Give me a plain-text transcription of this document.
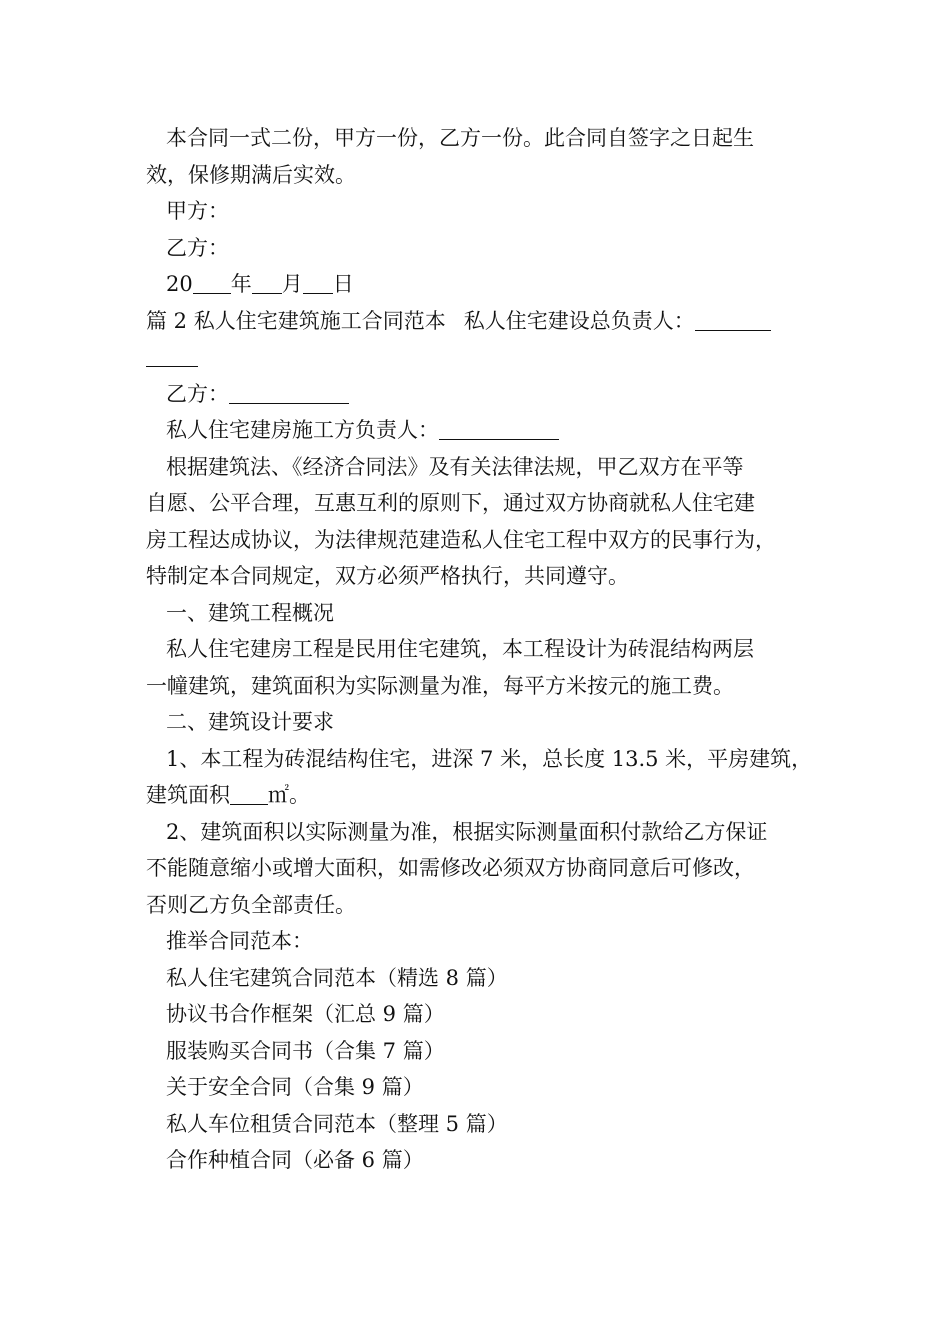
本合同一式二份，甲方一份，乙方一份。此合同自签字之日起生
效，保修期满后实效。
甲方：
乙方：
20 年 月 日
篇 2 私人住宅建筑施工合同范本 私人住宅建设总负责人：
乙方：
私人住宅建房施工方负责人：
根据建筑法、《经济合同法》及有关法律法规，甲乙双方在平等
自愿、公平合理，互惠互利的原则下，通过双方协商就私人住宅建
房工程达成协议，为法律规范建造私人住宅工程中双方的民事行为，
特制定本合同规定，双方必须严格执行，共同遵守。
一、建筑工程概况
私人住宅建房工程是民用住宅建筑，本工程设计为砖混结构两层
一幢建筑，建筑面积为实际测量为准，每平方米按元的施工费。
二、建筑设计要求
1、本工程为砖混结构住宅，进深 7 米，总长度 13.5 米，平房建筑，
建筑面积 ㎡。
2、建筑面积以实际测量为准，根据实际测量面积付款给乙方保证
不能随意缩小或增大面积，如需修改必须双方协商同意后可修改，
否则乙方负全部责任。
推举合同范本：
私人住宅建筑合同范本（精选 8 篇）
协议书合作框架（汇总 9 篇）
服装购买合同书（合集 7 篇）
关于安全合同（合集 9 篇）
私人车位租赁合同范本（整理 5 篇）
合作种植合同（必备 6 篇）
